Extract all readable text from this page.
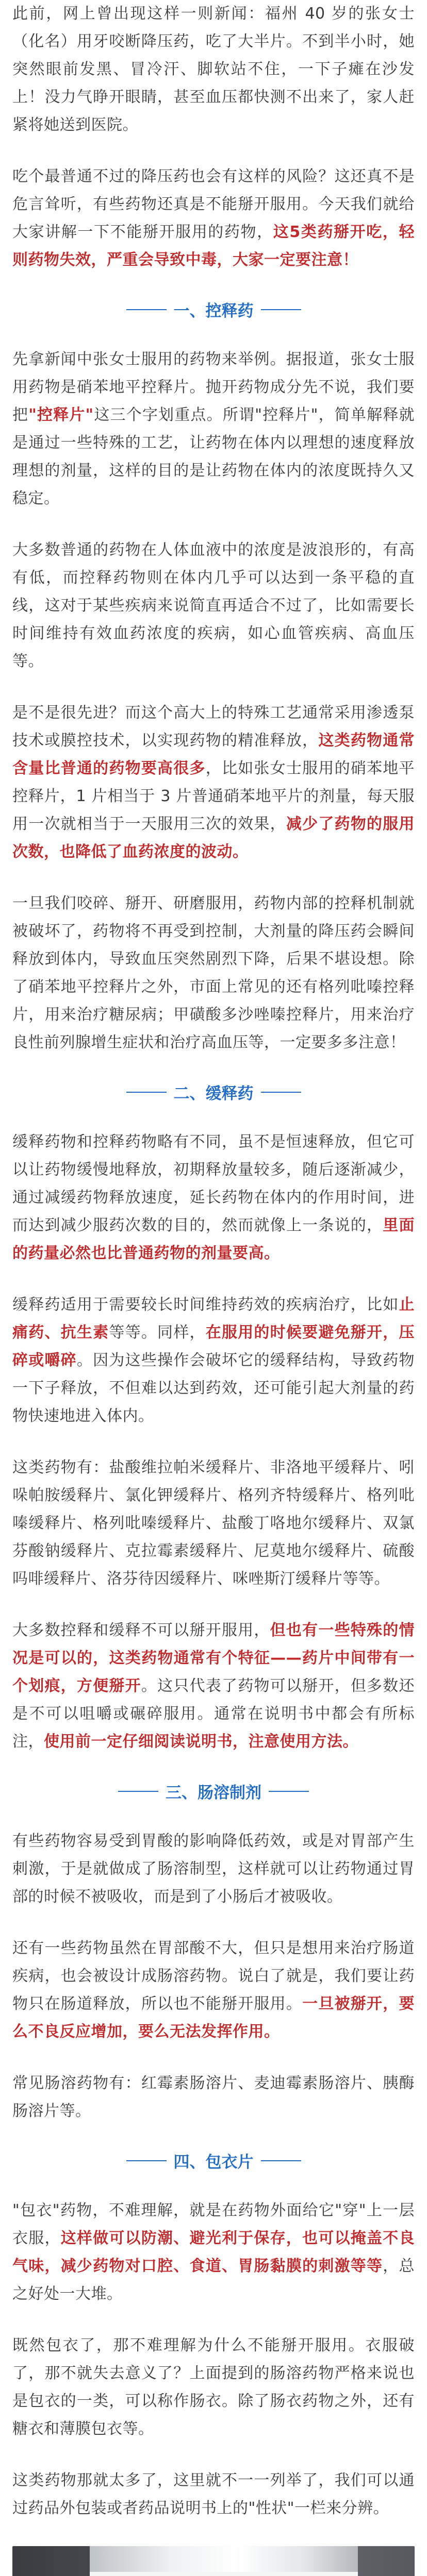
此前，网上曾出现这样一则新闻：福州 40 岁的张女士（化名）用牙咬断降压药，吃了大半片。不到半小时，她突然眼前发黑、冒冷汗、脚软站不住，一下子瘫在沙发上！没力气睁开眼睛，甚至血压都快测不出来了，家人赶紧将她送到医院。

吃个最普通不过的降压药也会有这样的风险？这还真不是危言耸听，有些药物还真是不能掰开服用。今天我们就给大家讲解一下不能掰开服用的药物，这5类药掰开吃，轻则药物失效，严重会导致中毒，大家一定要注意！

一、控释药

先拿新闻中张女士服用的药物来举例。据报道，张女士服用药物是硝苯地平控释片。抛开药物成分先不说，我们要把"控释片"这三个字划重点。所谓"控释片"，简单解释就是通过一些特殊的工艺，让药物在体内以理想的速度释放理想的剂量，这样的目的是让药物在体内的浓度既持久又稳定。

大多数普通的药物在人体血液中的浓度是波浪形的，有高有低，而控释药物则在体内几乎可以达到一条平稳的直线，这对于某些疾病来说简直再适合不过了，比如需要长时间维持有效血药浓度的疾病，如心血管疾病、高血压等。

是不是很先进？而这个高大上的特殊工艺通常采用渗透泵技术或膜控技术，以实现药物的精准释放，这类药物通常含量比普通的药物要高很多，比如张女士服用的硝苯地平控释片，1 片相当于 3 片普通硝苯地平片的剂量，每天服用一次就相当于一天服用三次的效果，减少了药物的服用次数，也降低了血药浓度的波动。

一旦我们咬碎、掰开、研磨服用，药物内部的控释机制就被破坏了，药物将不再受到控制，大剂量的降压药会瞬间释放到体内，导致血压突然剧烈下降，后果不堪设想。除了硝苯地平控释片之外，市面上常见的还有格列吡嗪控释片，用来治疗糖尿病；甲磺酸多沙唑嗪控释片，用来治疗良性前列腺增生症状和治疗高血压等，一定要多多注意！

二、缓释药

缓释药物和控释药物略有不同，虽不是恒速释放，但它可以让药物缓慢地释放，初期释放量较多，随后逐渐减少，通过减缓药物释放速度，延长药物在体内的作用时间，进而达到减少服药次数的目的，然而就像上一条说的，里面的药量必然也比普通药物的剂量要高。

缓释药适用于需要较长时间维持药效的疾病治疗，比如止痛药、抗生素等等。同样，在服用的时候要避免掰开，压碎或嚼碎。因为这些操作会破坏它的缓释结构，导致药物一下子释放，不但难以达到药效，还可能引起大剂量的药物快速地进入体内。

这类药物有：盐酸维拉帕米缓释片、非洛地平缓释片、吲哚帕胺缓释片、氯化钾缓释片、格列齐特缓释片、格列吡嗪缓释片、格列吡嗪缓释片、盐酸丁咯地尔缓释片、双氯芬酸钠缓释片、克拉霉素缓释片、尼莫地尔缓释片、硫酸吗啡缓释片、洛芬待因缓释片、咪唑斯汀缓释片等等。

大多数控释和缓释不可以掰开服用，但也有一些特殊的情况是可以的，这类药物通常有个特征——药片中间带有一个划痕，方便掰开。这只代表了药物可以掰开，但多数还是不可以咀嚼或碾碎服用。通常在说明书中都会有所标注，使用前一定仔细阅读说明书，注意使用方法。

三、肠溶制剂

有些药物容易受到胃酸的影响降低药效，或是对胃部产生刺激，于是就做成了肠溶制型，这样就可以让药物通过胃部的时候不被吸收，而是到了小肠后才被吸收。

还有一些药物虽然在胃部酸不大，但只是想用来治疗肠道疾病，也会被设计成肠溶药物。说白了就是，我们要让药物只在肠道释放，所以也不能掰开服用。一旦被掰开，要么不良反应增加，要么无法发挥作用。

常见肠溶药物有：红霉素肠溶片、麦迪霉素肠溶片、胰酶肠溶片等。

四、包衣片

"包衣"药物，不难理解，就是在药物外面给它"穿"上一层衣服，这样做可以防潮、避光利于保存，也可以掩盖不良气味，减少药物对口腔、食道、胃肠黏膜的刺激等等，总之好处一大堆。

既然包衣了，那不难理解为什么不能掰开服用。衣服破了，那不就失去意义了？上面提到的肠溶药物严格来说也是包衣的一类，可以称作肠衣。除了肠衣药物之外，还有糖衣和薄膜包衣等。

这类药物那就太多了，这里就不一一列举了，我们可以通过药品外包装或者药品说明书上的"性状"一栏来分辨。
